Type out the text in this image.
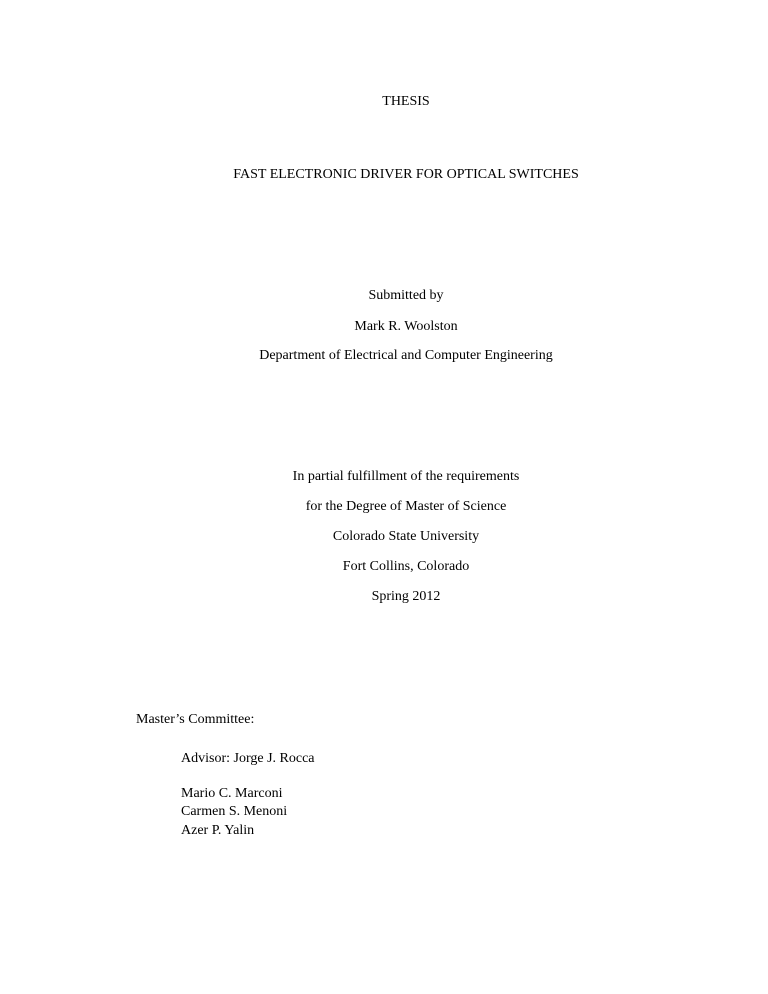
THESIS
FAST ELECTRONIC DRIVER FOR OPTICAL SWITCHES
Submitted by
Mark R. Woolston
Department of Electrical and Computer Engineering
In partial fulfillment of the requirements
for the Degree of Master of Science
Colorado State University
Fort Collins, Colorado
Spring 2012
Master’s Committee:
Advisor: Jorge J. Rocca
Mario C. Marconi
Carmen S. Menoni
Azer P. Yalin
